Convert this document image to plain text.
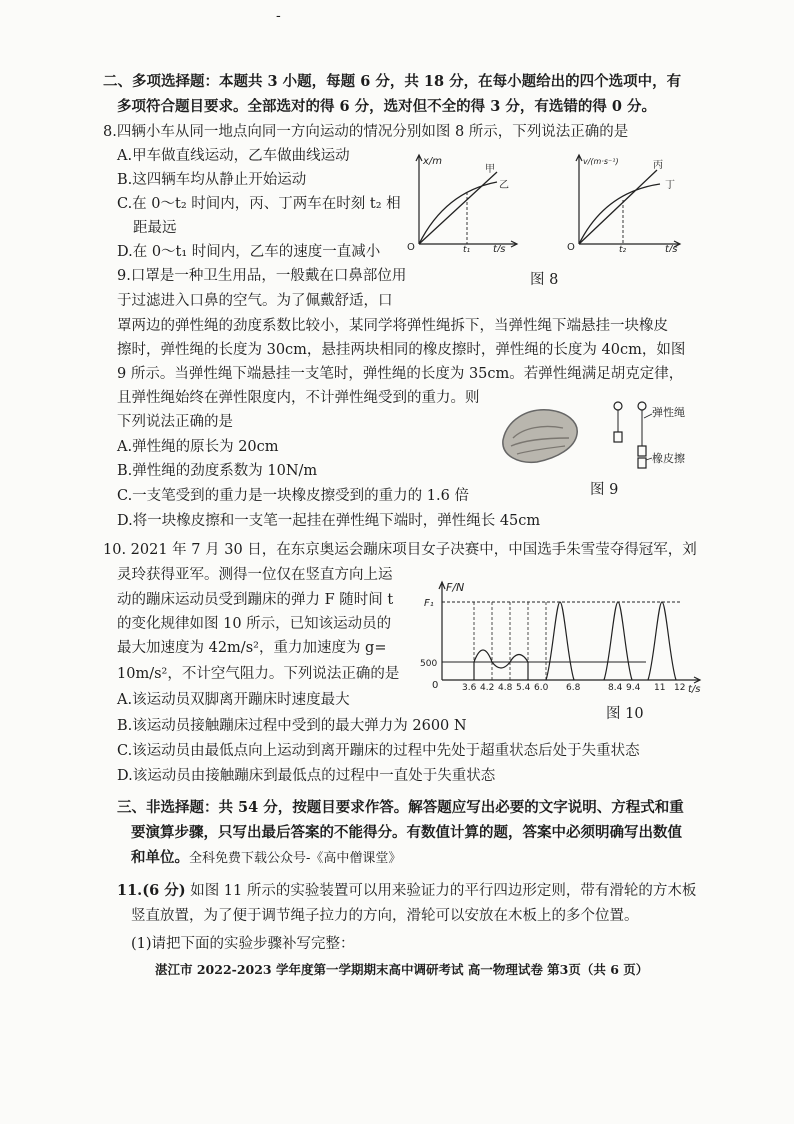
-
二、多项选择题：本题共 3 小题，每题 6 分，共 18 分，在每小题给出的四个选项中，有
多项符合题目要求。全部选对的得 6 分，选对但不全的得 3 分，有选错的得 0 分。
8.四辆小车从同一地点向同一方向运动的情况分别如图 8 所示，下列说法正确的是
A.甲车做直线运动，乙车做曲线运动
B.这四辆车均从静止开始运动
C.在 0～t₂ 时间内，丙、丁两车在时刻 t₂ 相
距最远
D.在 0～t₁ 时间内，乙车的速度一直减小
x/m
t/s
O	t₁
甲
乙
v/(m·s⁻¹)
t/s
O	t₂
丙
丁
图 8
9.口罩是一种卫生用品，一般戴在口鼻部位用
于过滤进入口鼻的空气。为了佩戴舒适，口
罩两边的弹性绳的劲度系数比较小，某同学将弹性绳拆下，当弹性绳下端悬挂一块橡皮
擦时，弹性绳的长度为 30cm，悬挂两块相同的橡皮擦时，弹性绳的长度为 40cm，如图
9 所示。当弹性绳下端悬挂一支笔时，弹性绳的长度为 35cm。若弹性绳满足胡克定律，
且弹性绳始终在弹性限度内，不计弹性绳受到的重力。则
下列说法正确的是
A.弹性绳的原长为 20cm
B.弹性绳的劲度系数为 10N/m
C.一支笔受到的重力是一块橡皮擦受到的重力的 1.6 倍
D.将一块橡皮擦和一支笔一起挂在弹性绳下端时，弹性绳长 45cm
弹性绳
橡皮擦
图 9
10. 2021 年 7 月 30 日，在东京奥运会蹦床项目女子决赛中，中国选手朱雪莹夺得冠军，刘
灵玲获得亚军。测得一位仅在竖直方向上运
动的蹦床运动员受到蹦床的弹力 F 随时间 t
的变化规律如图 10 所示，已知该运动员的
最大加速度为 42m/s²，重力加速度为 g=
10m/s²，不计空气阻力。下列说法正确的是
A.该运动员双脚离开蹦床时速度最大
B.该运动员接触蹦床过程中受到的最大弹力为 2600 N
C.该运动员由最低点向上运动到离开蹦床的过程中先处于超重状态后处于失重状态
D.该运动员由接触蹦床到最低点的过程中一直处于失重状态
F/N
F₁
500
0	t/s
3.6 4.2 4.8 5.4 6.0 6.8	8.4 9.4 11 12
图 10
三、非选择题：共 54 分，按题目要求作答。解答题应写出必要的文字说明、方程式和重
要演算步骤，只写出最后答案的不能得分。有数值计算的题，答案中必须明确写出数值
和单位。全科免费下载公众号-《高中僧课堂》
11.(6 分) 如图 11 所示的实验装置可以用来验证力的平行四边形定则，带有滑轮的方木板
竖直放置，为了便于调节绳子拉力的方向，滑轮可以安放在木板上的多个位置。
(1)请把下面的实验步骤补写完整：
湛江市 2022-2023 学年度第一学期期末高中调研考试 高一物理试卷 第3页（共 6 页）
